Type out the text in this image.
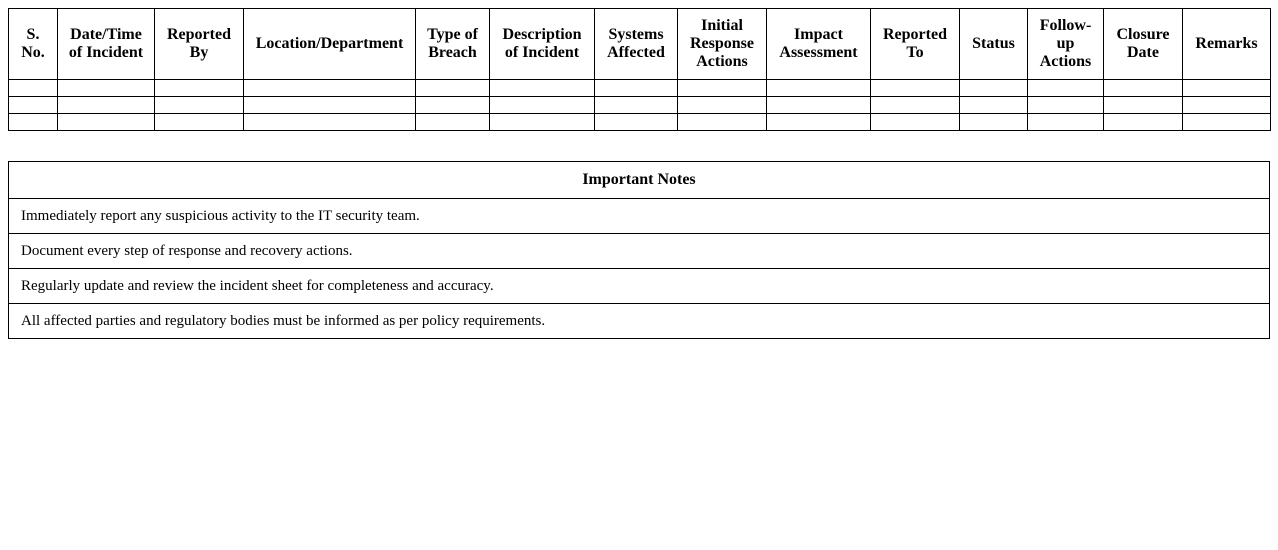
S. No.	Date/Time of Incident	Reported By	Location/Department	Type of Breach	Description of Incident	Systems Affected	Initial Response Actions	Impact Assessment	Reported To	Status	Follow-up Actions	Closure Date	Remarks

Important Notes
Immediately report any suspicious activity to the IT security team.
Document every step of response and recovery actions.
Regularly update and review the incident sheet for completeness and accuracy.
All affected parties and regulatory bodies must be informed as per policy requirements.
